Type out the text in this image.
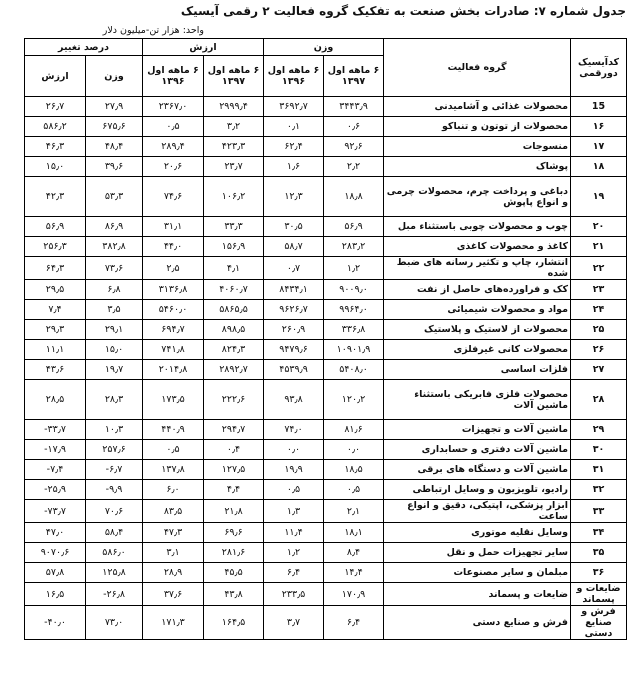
جدول شماره ۷: صادرات بخش صنعت به تفکیک گروه فعالیت ۲ رقمی آیسیک
واحد: هزار تن-میلیون دلار
کدآیسیک دورقمی	گروه فعالیت	وزن		ارزش		درصد تغییر	
		۶ ماهه اول ۱۳۹۷	۶ ماهه اول ۱۳۹۶	۶ ماهه اول ۱۳۹۷	۶ ماهه اول ۱۳۹۶	وزن	ارزش
15	محصولات غذائی و آشامیدنی	۳۴۴۳٫۹	۳۶۹۲٫۷	۲۹۹۹٫۴	۲۳۶۷٫۰	۲۷٫۹	۲۶٫۷
۱۶	محصولات از توتون و تنباکو	۰٫۶	۰٫۱	۳٫۲	۰٫۵	۶۷۵٫۶	۵۸۶٫۲
۱۷	منسوجات	۹۲٫۶	۶۲٫۴	۴۲۳٫۳	۲۸۹٫۴	۴۸٫۴	۴۶٫۳
۱۸	پوشاک	۲٫۲	۱٫۶	۲۳٫۷	۲۰٫۶	۳۹٫۶	۱۵٫۰
۱۹	دباغی و پرداخت چرم، محصولات چرمی و انواع پاپوش	۱۸٫۸	۱۲٫۳	۱۰۶٫۲	۷۴٫۶	۵۳٫۳	۴۲٫۳
۲۰	چوب و محصولات چوبی باستثناء مبل	۵۶٫۹	۳۰٫۵	۳۳٫۳	۳۱٫۱	۸۶٫۹	۵۶٫۹
۲۱	کاغذ و محصولات کاغذی	۲۸۳٫۲	۵۸٫۷	۱۵۶٫۹	۴۴٫۰	۳۸۲٫۸	۲۵۶٫۳
۲۲	انتشار، چاپ و تکثیر رسانه های ضبط شده	۱٫۲	۰٫۷	۴٫۱	۲٫۵	۷۳٫۶	۶۴٫۳
۲۳	کک و فراورده‌های حاصل از نفت	۹۰۰۹٫۰	۸۴۳۴٫۱	۴۰۶۰٫۷	۳۱۳۶٫۸	۶٫۸	۲۹٫۵
۲۴	مواد و محصولات شیمیائی	۹۹۶۴٫۰	۹۶۲۶٫۷	۵۸۶۵٫۵	۵۴۶۰٫۰	۳٫۵	۷٫۴
۲۵	محصولات از لاستیک و پلاستیک	۳۳۶٫۸	۲۶۰٫۹	۸۹۸٫۵	۶۹۴٫۷	۲۹٫۱	۲۹٫۳
۲۶	محصولات کانی غیرفلزی	۱۰۹۰۱٫۹	۹۴۷۹٫۶	۸۲۴٫۳	۷۴۱٫۸	۱۵٫۰	۱۱٫۱
۲۷	فلزات اساسی	۵۴۰۸٫۰	۴۵۳۹٫۹	۲۸۹۲٫۷	۲۰۱۴٫۸	۱۹٫۷	۴۳٫۶
۲۸	محصولات فلزی فابریکی باستثناء ماشین آلات	۱۲۰٫۲	۹۳٫۸	۲۲۲٫۶	۱۷۳٫۵	۲۸٫۳	۲۸٫۵
۲۹	ماشین آلات و تجهیزات	۸۱٫۶	۷۴٫۰	۲۹۴٫۷	۴۴۰٫۹	۱۰٫۳	-۳۳٫۷
۳۰	ماشین آلات دفتری و حسابداری	۰٫۰	۰٫۰	۰٫۴	۰٫۵	۲۵۷٫۶	-۱۷٫۹
۳۱	ماشین آلات و دستگاه های برقی	۱۸٫۵	۱۹٫۹	۱۲۷٫۵	۱۳۷٫۸	-۶٫۷	-۷٫۴
۳۲	رادیو، تلویزیون و وسایل ارتباطی	۰٫۵	۰٫۵	۴٫۴	۶٫۰	-۹٫۹	-۲۵٫۹
۳۳	ابزار پزشکی، اپتیکی، دقیق و انواع ساعت	۲٫۱	۱٫۳	۲۱٫۸	۸۳٫۵	۷۰٫۶	-۷۳٫۷
۳۴	وسایل نقلیه موتوری	۱۸٫۱	۱۱٫۴	۶۹٫۶	۴۷٫۳	۵۸٫۴	۴۷٫۰
۳۵	سایر تجهیزات حمل و نقل	۸٫۴	۱٫۲	۲۸۱٫۶	۳٫۱	۵۸۶٫۰	۹۰۷۰٫۶
۳۶	مبلمان و سایر مصنوعات	۱۴٫۴	۶٫۴	۴۵٫۵	۲۸٫۹	۱۲۵٫۸	۵۷٫۸
ضایعات و پسماند	ضایعات و پسماند	۱۷۰٫۹	۲۳۳٫۵	۴۳٫۸	۳۷٫۶	-۲۶٫۸	۱۶٫۵
فرش و صنایع دستی	فرش و صنایع دستی	۶٫۴	۳٫۷	۱۶۴٫۵	۱۷۱٫۳	۷۳٫۰	-۴۰٫۰
